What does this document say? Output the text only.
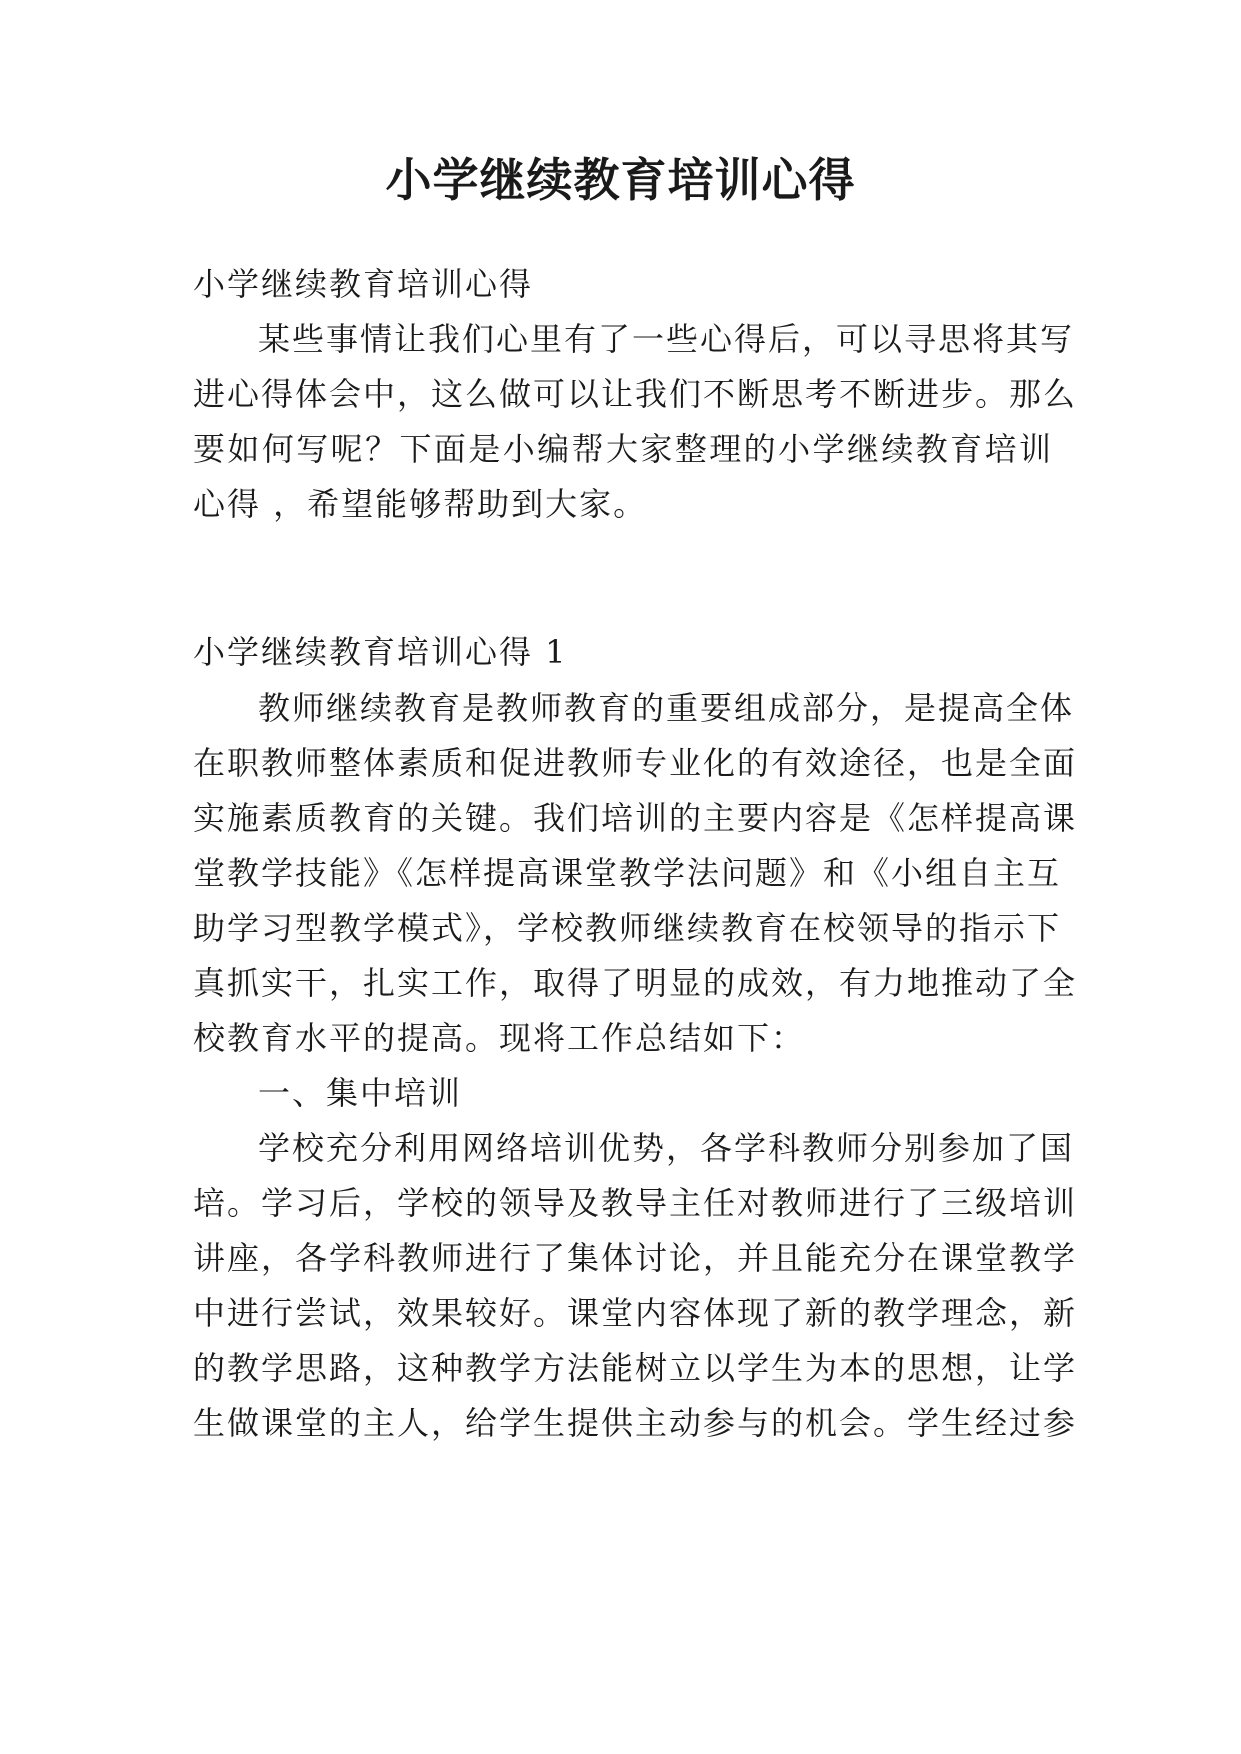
小学继续教育培训心得
小学继续教育培训心得
某些事情让我们心里有了一些心得后，可以寻思将其写
进心得体会中，这么做可以让我们不断思考不断进步。那么
要如何写呢？下面是小编帮大家整理的小学继续教育培训
心得 ，希望能够帮助到大家。
小学继续教育培训心得 1
教师继续教育是教师教育的重要组成部分，是提高全体
在职教师整体素质和促进教师专业化的有效途径，也是全面
实施素质教育的关键。我们培训的主要内容是《怎样提高课
堂教学技能》《怎样提高课堂教学法问题》和《小组自主互
助学习型教学模式》，学校教师继续教育在校领导的指示下
真抓实干，扎实工作，取得了明显的成效，有力地推动了全
校教育水平的提高。现将工作总结如下：
一、集中培训
学校充分利用网络培训优势，各学科教师分别参加了国
培。学习后，学校的领导及教导主任对教师进行了三级培训
讲座，各学科教师进行了集体讨论，并且能充分在课堂教学
中进行尝试，效果较好。课堂内容体现了新的教学理念，新
的教学思路，这种教学方法能树立以学生为本的思想，让学
生做课堂的主人，给学生提供主动参与的机会。学生经过参
